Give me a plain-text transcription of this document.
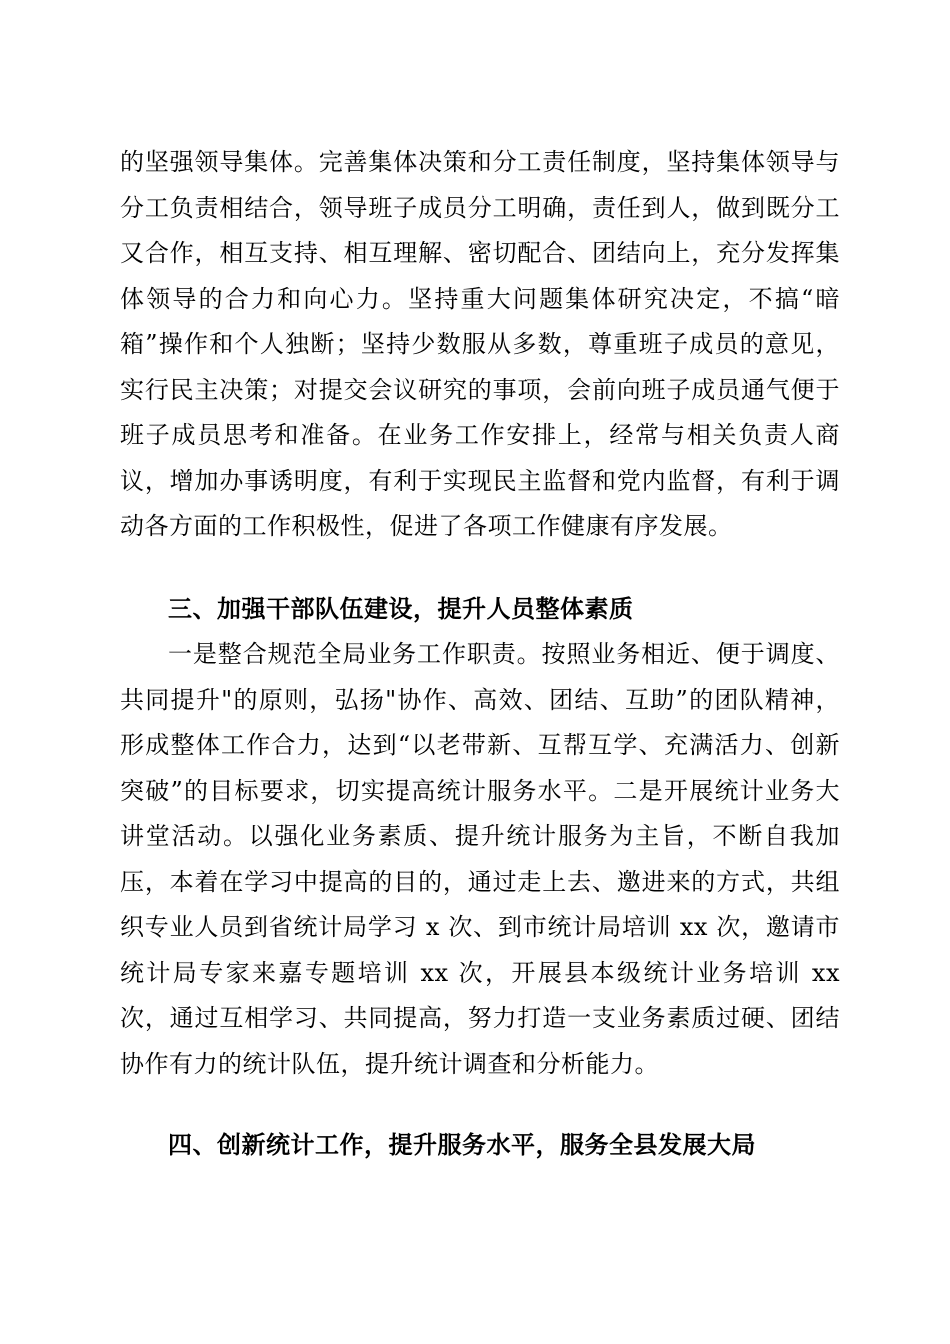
的坚强领导集体。完善集体决策和分工责任制度，坚持集体领导与分工负责相结合，领导班子成员分工明确，责任到人，做到既分工又合作，相互支持、相互理解、密切配合、团结向上，充分发挥集体领导的合力和向心力。坚持重大问题集体研究决定，不搞“暗箱”操作和个人独断；坚持少数服从多数，尊重班子成员的意见，实行民主决策；对提交会议研究的事项，会前向班子成员通气便于班子成员思考和准备。在业务工作安排上，经常与相关负责人商议，增加办事诱明度，有利于实现民主监督和党内监督，有利于调动各方面的工作积极性，促进了各项工作健康有序发展。

三、加强干部队伍建设，提升人员整体素质

一是整合规范全局业务工作职责。按照业务相近、便于调度、共同提升"的原则，弘扬"协作、高效、团结、互助”的团队精神，形成整体工作合力，达到“以老带新、互帮互学、充满活力、创新突破”的目标要求，切实提高统计服务水平。二是开展统计业务大讲堂活动。以强化业务素质、提升统计服务为主旨，不断自我加压，本着在学习中提高的目的，通过走上去、邀进来的方式，共组织专业人员到省统计局学习 x 次、到市统计局培训 xx 次，邀请市统计局专家来嘉专题培训 xx 次，开展县本级统计业务培训 xx 次，通过互相学习、共同提高，努力打造一支业务素质过硬、团结协作有力的统计队伍，提升统计调查和分析能力。

四、创新统计工作，提升服务水平，服务全县发展大局
